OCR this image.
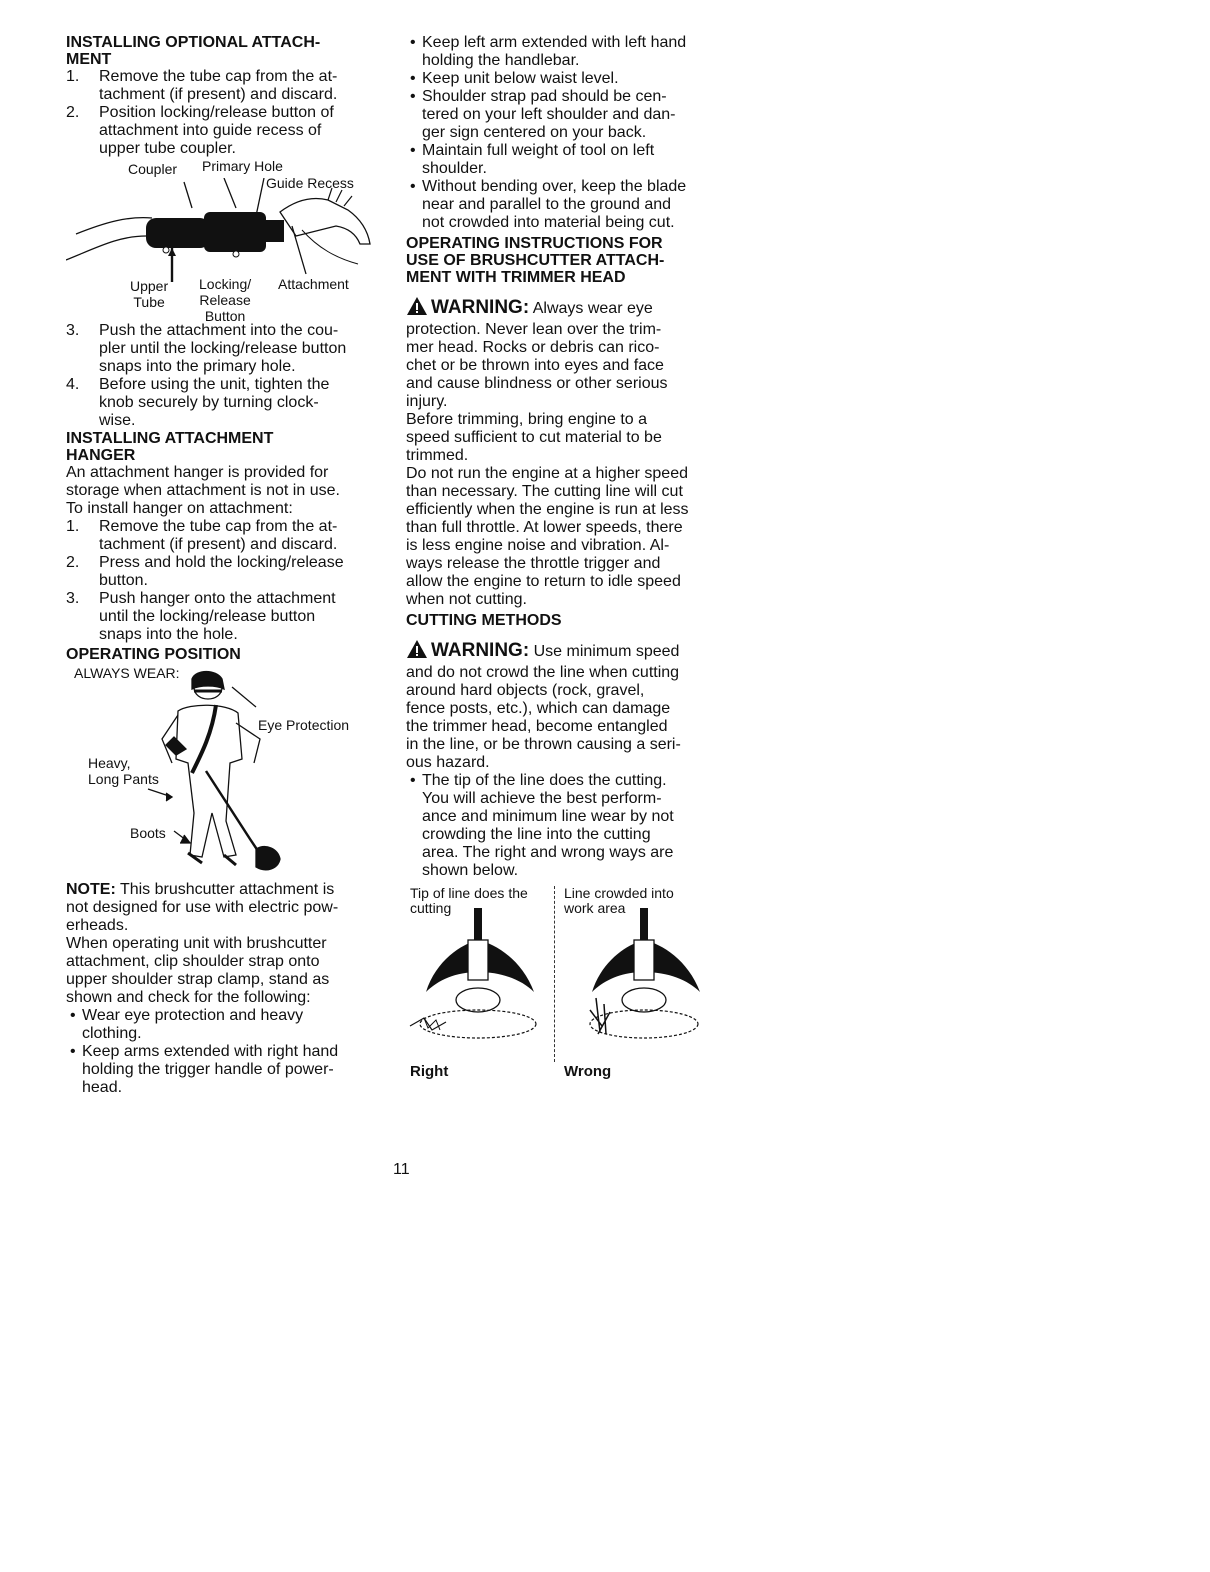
INSTALLING OPTIONAL ATTACH-
MENT
1. Remove the tube cap from the at-
tachment (if present) and discard.
2. Position locking/release button of
attachment into guide recess of
upper tube coupler.
Coupler Primary Hole
Guide Recess
Upper
Tube
Locking/
Release
Button
Attachment
3. Push the attachment into the cou-
pler until the locking/release button
snaps into the primary hole.
4. Before using the unit, tighten the
knob securely by turning clock-
wise.
INSTALLING ATTACHMENT
HANGER

An attachment hanger is provided for
storage when attachment is not in use.
To install hanger on attachment:

1. Remove the tube cap from the at-
tachment (if present) and discard.
2. Press and hold the locking/release
button.
3. Push hanger onto the attachment
until the locking/release button
snaps into the hole.
OPERATING POSITION
ALWAYS WEAR:
Eye Protection
Heavy,
Long Pants
Boots

NOTE: This brushcutter attachment is
not designed for use with electric pow-
erheads.

When operating unit with brushcutter
attachment, clip shoulder strap onto
upper shoulder strap clamp, stand as
shown and check for the following:

• Wear eye protection and heavy
clothing.
• Keep arms extended with right hand
holding the trigger handle of power-
head.
• Keep left arm extended with left hand
holding the handlebar.
• Keep unit below waist level.
• Shoulder strap pad should be cen-
tered on your left shoulder and dan-
ger sign centered on your back.
• Maintain full weight of tool on left
shoulder.
• Without bending over, keep the blade
near and parallel to the ground and
not crowded into material being cut.
OPERATING INSTRUCTIONS FOR
USE OF BRUSHCUTTER ATTACH-
MENT WITH TRIMMER HEAD

WARNING: Always wear eye
protection. Never lean over the trim-
mer head. Rocks or debris can rico-
chet or be thrown into eyes and face
and cause blindness or other serious
injury.

Before trimming, bring engine to a
speed sufficient to cut material to be
trimmed.

Do not run the engine at a higher speed
than necessary. The cutting line will cut
efficiently when the engine is run at less
than full throttle. At lower speeds, there
is less engine noise and vibration. Al-
ways release the throttle trigger and
allow the engine to return to idle speed
when not cutting.

CUTTING METHODS

WARNING: Use minimum speed
and do not crowd the line when cutting
around hard objects (rock, gravel,
fence posts, etc.), which can damage
the trimmer head, become entangled
in the line, or be thrown causing a seri-
ous hazard.

• The tip of the line does the cutting.
You will achieve the best perform-
ance and minimum line wear by not
crowding the line into the cutting
area. The right and wrong ways are
shown below.
Tip of line does the
cutting
Line crowded into
work area
Right	Wrong
11
